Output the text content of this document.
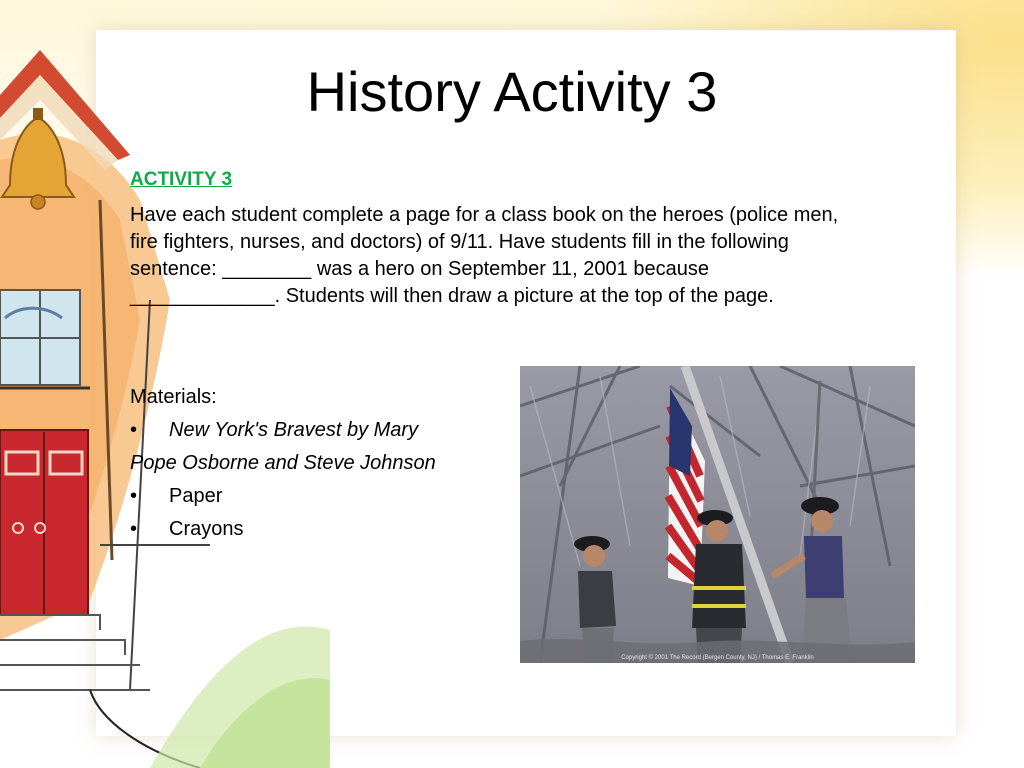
History Activity 3
ACTIVITY 3
Have each student complete a page for a class book on the heroes (police men,
fire fighters, nurses, and doctors) of 9/11. Have students fill in the following
sentence: ________ was a hero on September 11, 2001 because
_____________. Students will then draw a picture at the top of the page.
Materials:
•	New York's Bravest by Mary
Pope Osborne and Steve Johnson
•	Paper
•	Crayons
Copyright © 2001 The Record (Bergen County, NJ) / Thomas E. Franklin
